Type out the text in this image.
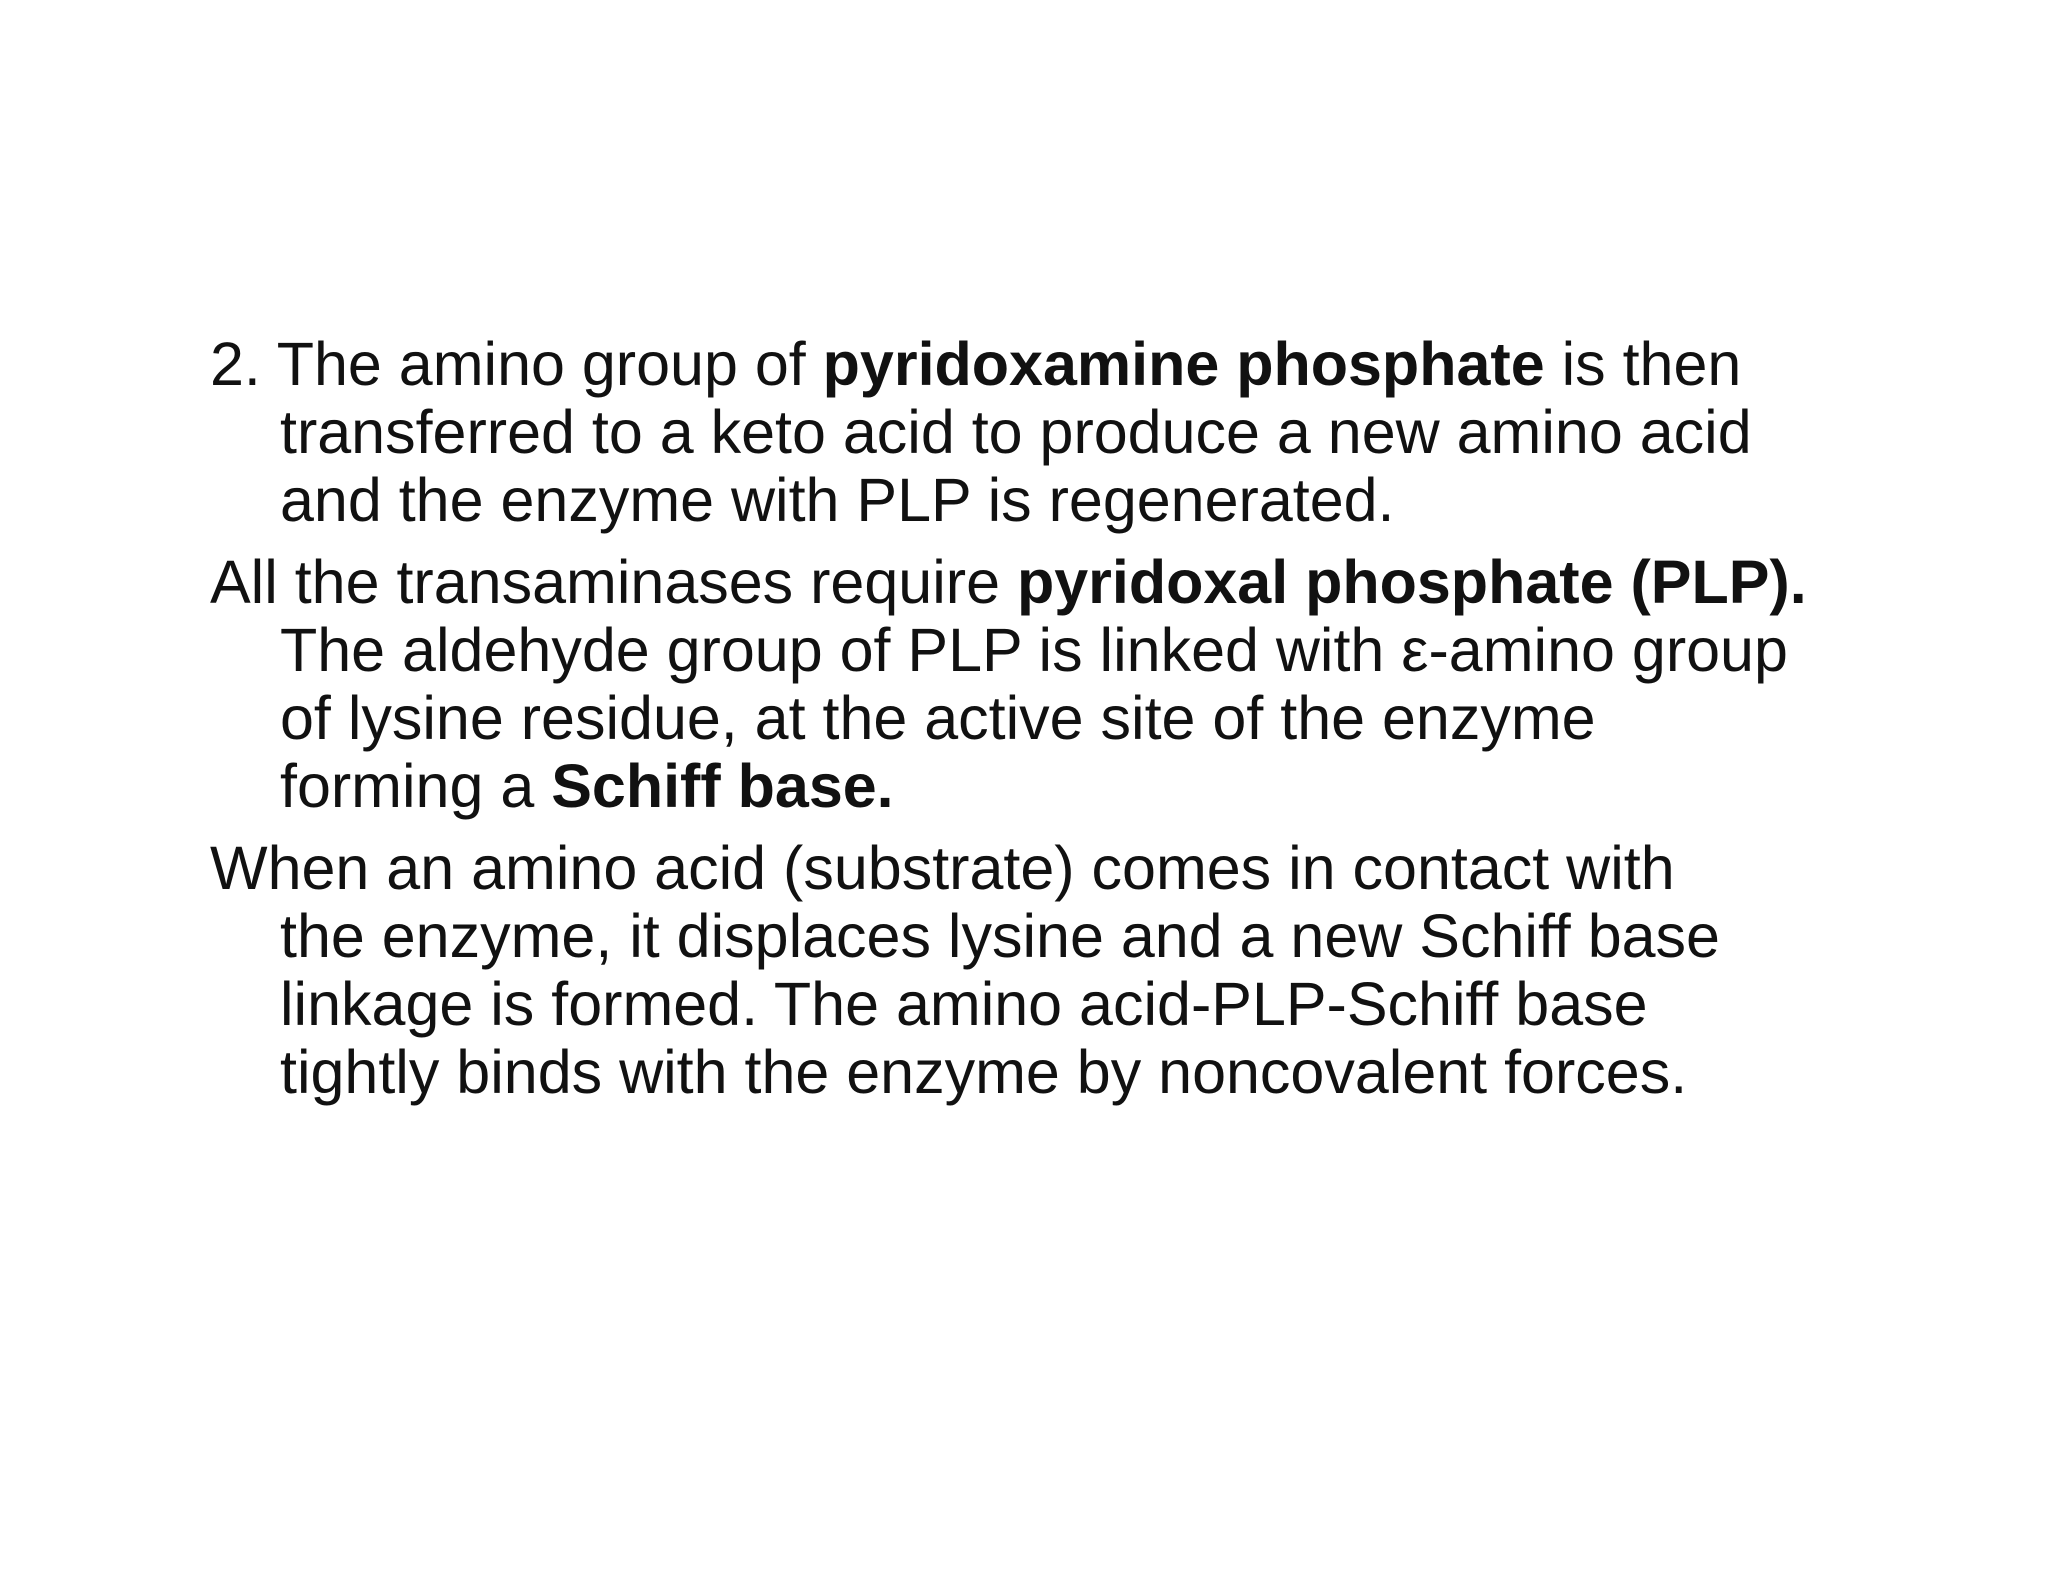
2. The amino group of pyridoxamine phosphate is then
transferred to a keto acid to produce a new amino acid
and the enzyme with PLP is regenerated.

All the transaminases require pyridoxal phosphate (PLP).
The aldehyde group of PLP is linked with ε-amino group
of lysine residue, at the active site of the enzyme
forming a Schiff base.

When an amino acid (substrate) comes in contact with
the enzyme, it displaces lysine and a new Schiff base
linkage is formed. The amino acid-PLP-Schiff base
tightly binds with the enzyme by noncovalent forces.
